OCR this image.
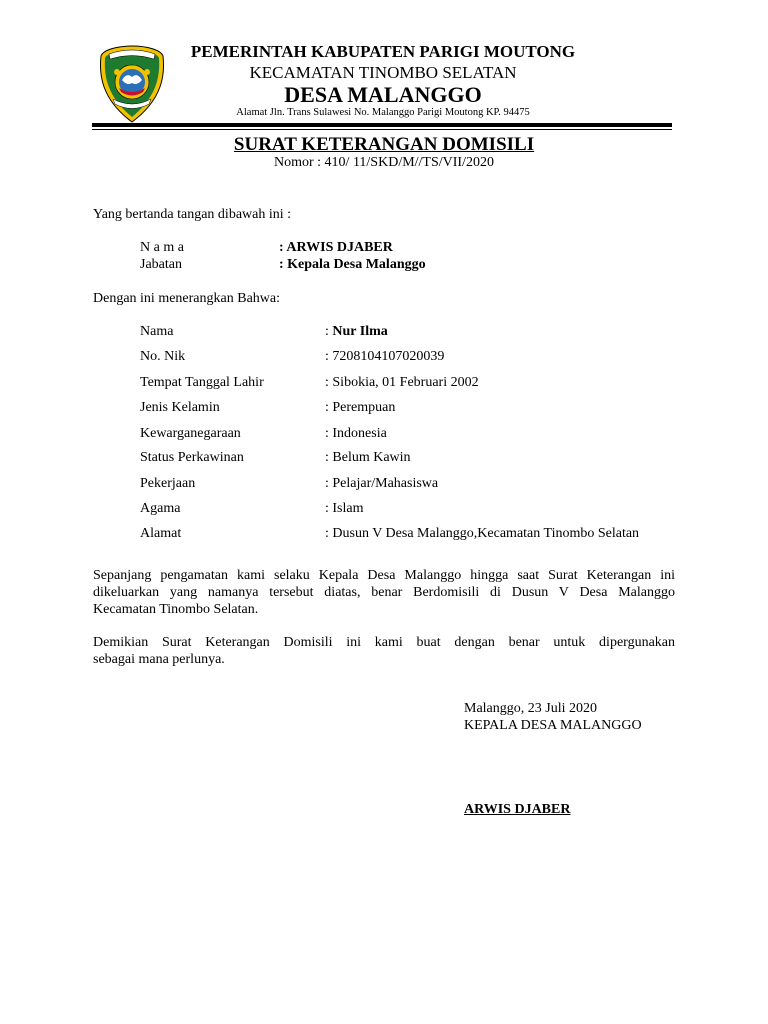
PEMERINTAH KABUPATEN PARIGI MOUTONG
KECAMATAN TINOMBO SELATAN
DESA MALANGGO
Alamat Jln. Trans Sulawesi No. Malanggo Parigi Moutong KP. 94475
SURAT KETERANGAN DOMISILI
Nomor : 410/ 11/SKD/M//TS/VII/2020
Yang bertanda tangan dibawah ini :
N a m a	: ARWIS DJABER
Jabatan	: Kepala Desa Malanggo
Dengan ini menerangkan Bahwa:
Nama	: Nur Ilma
No. Nik	: 7208104107020039
Tempat Tanggal Lahir	: Sibokia, 01 Februari 2002
Jenis Kelamin	: Perempuan
Kewarganegaraan	: Indonesia
Status Perkawinan	: Belum Kawin
Pekerjaan	: Pelajar/Mahasiswa
Agama	: Islam
Alamat	: Dusun V Desa Malanggo,Kecamatan Tinombo Selatan
Sepanjang pengamatan kami selaku Kepala Desa Malanggo hingga saat Surat Keterangan ini
dikeluarkan yang namanya tersebut diatas, benar Berdomisili di Dusun V Desa Malanggo
Kecamatan Tinombo Selatan.
Demikian Surat Keterangan Domisili ini kami buat dengan benar untuk dipergunakan
sebagai mana perlunya.
Malanggo, 23 Juli 2020
KEPALA DESA MALANGGO
ARWIS DJABER
